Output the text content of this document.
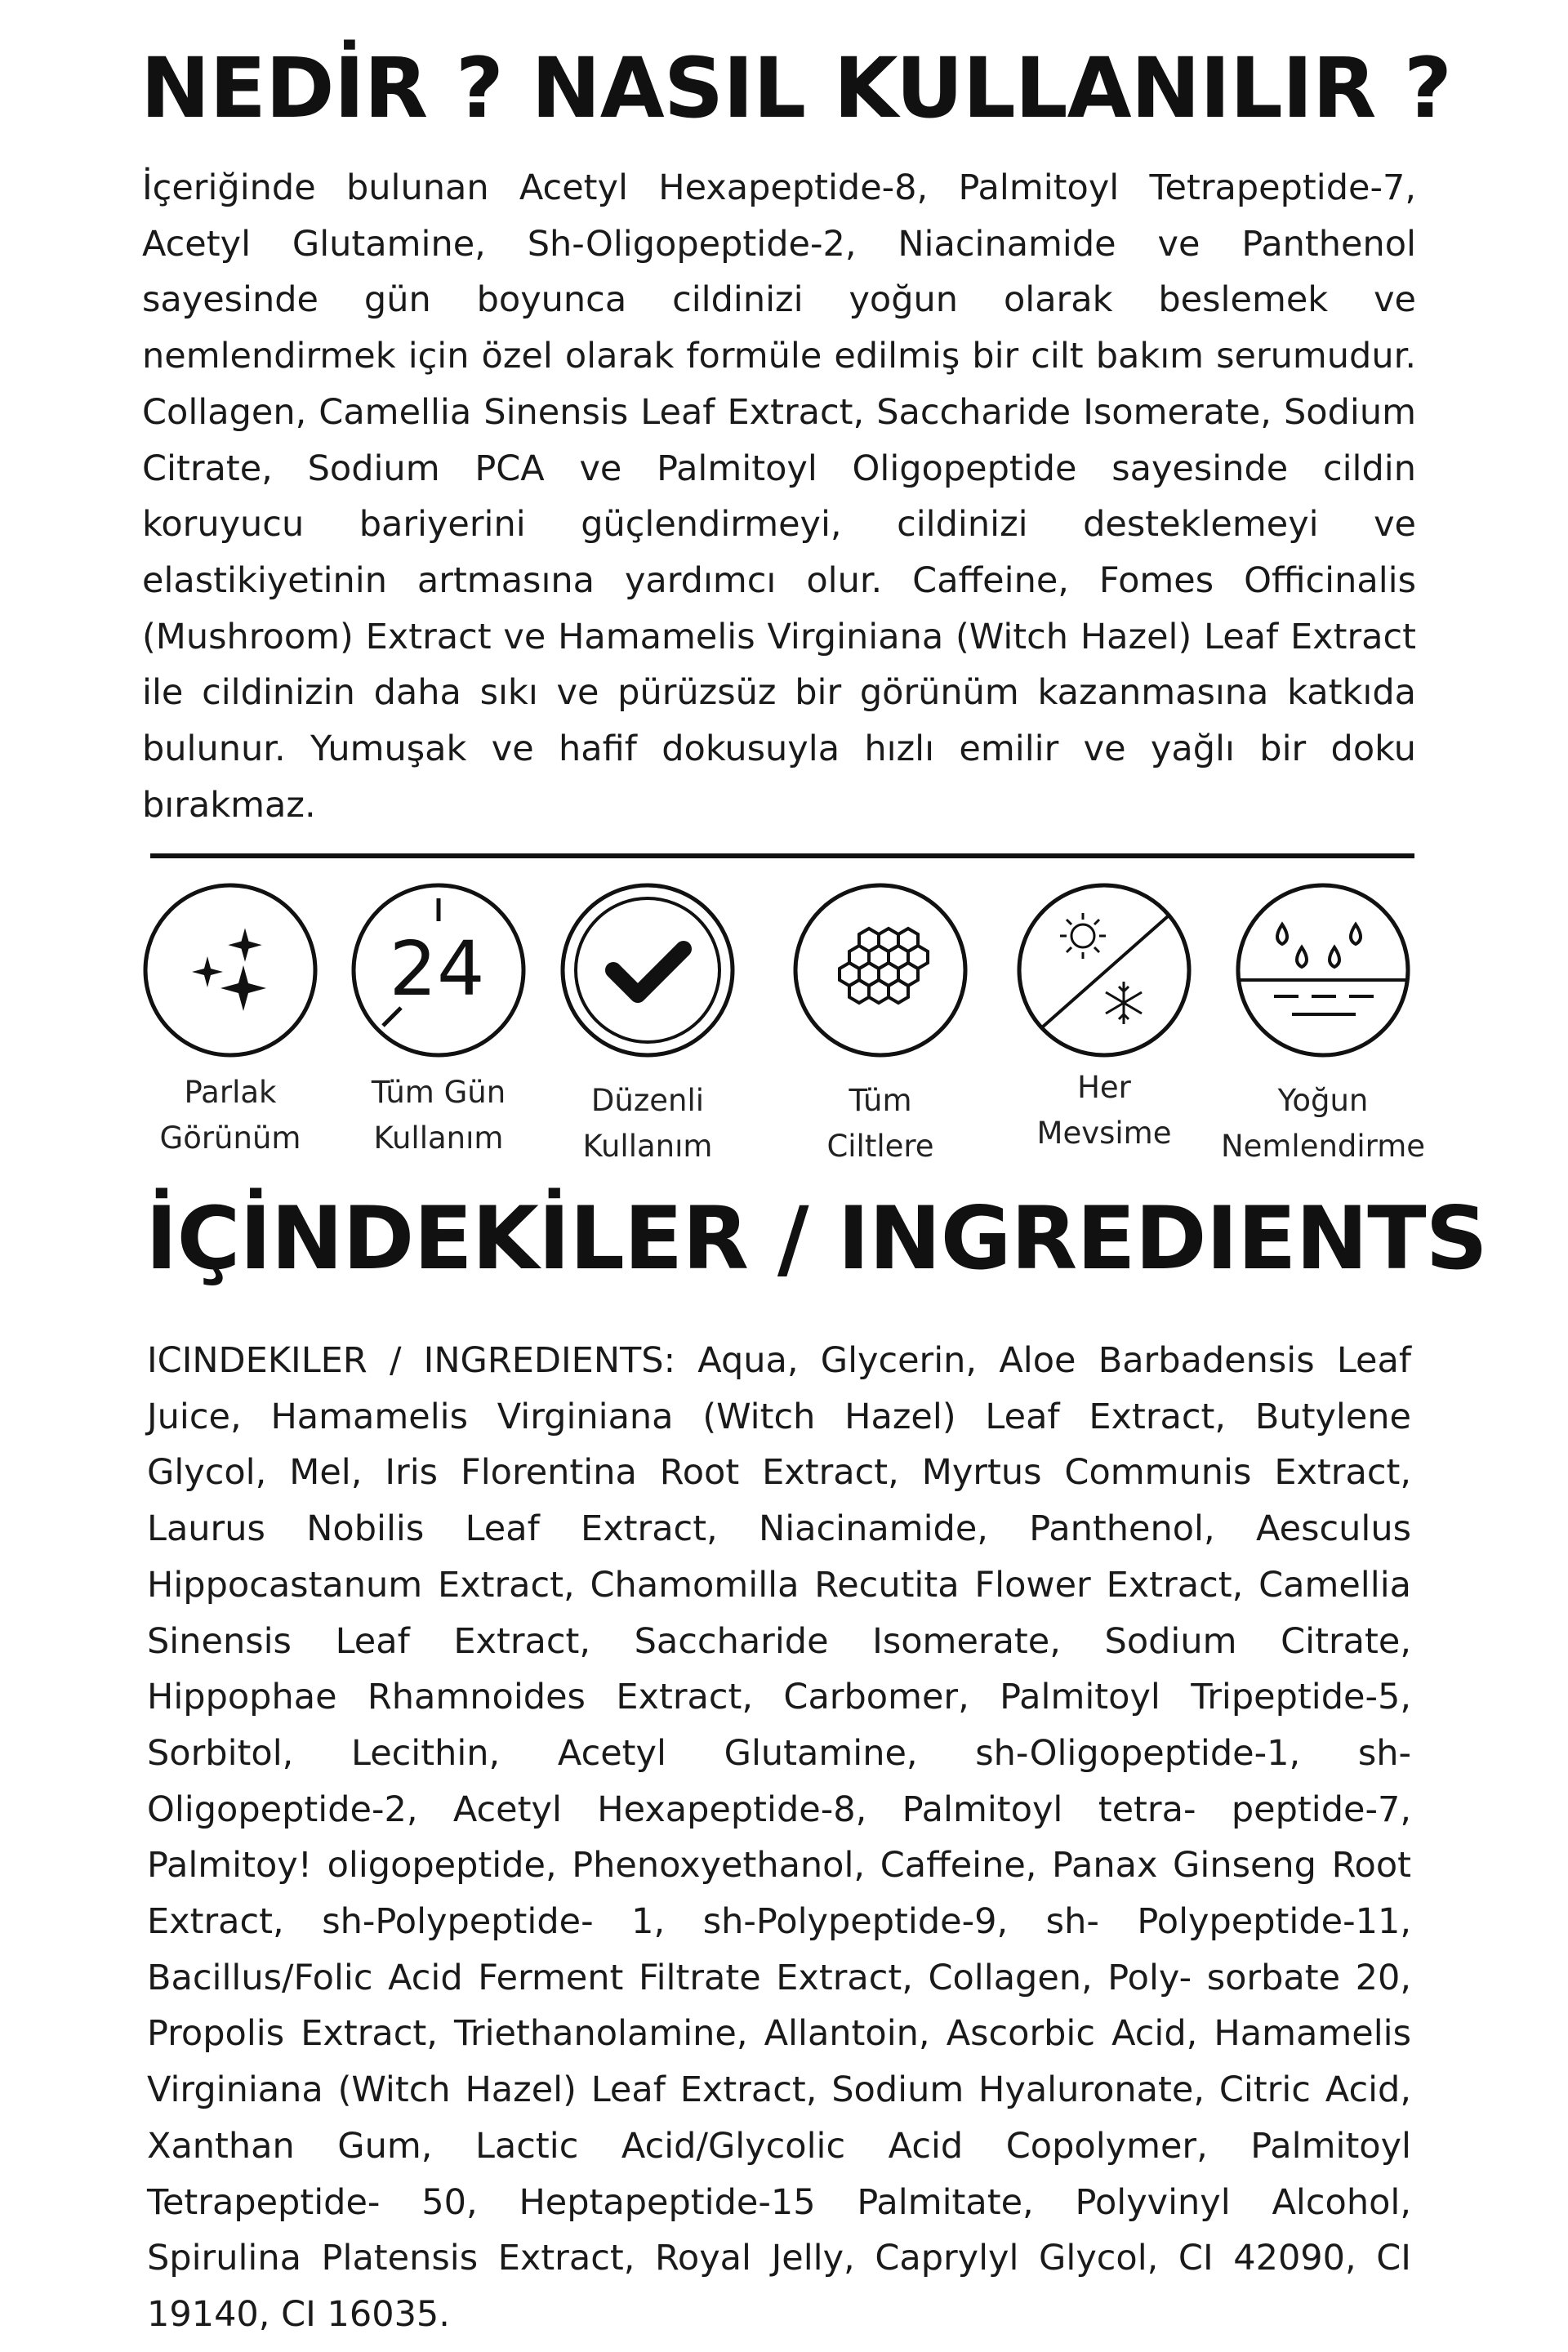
NEDİR ? NASIL KULLANILIR ?

İçeriğinde bulunan Acetyl Hexapeptide-8, Palmitoyl Tetrapeptide-7, Acetyl Glutamine, Sh-Oligopeptide-2, Niacinamide ve Panthenol sayesinde gün boyunca cildinizi yoğun olarak beslemek ve nemlendirmek için özel olarak formüle edilmiş bir cilt bakım serumudur. Collagen, Camellia Sinensis Leaf Extract, Saccharide Isomerate, Sodium Citrate, Sodium PCA ve Palmitoyl Oligopeptide sayesinde cildin koruyucu bariyerini güçlendirmeyi, cildinizi desteklemeyi ve elastikiyetinin artmasına yardımcı olur. Caffeine, Fomes Officinalis (Mushroom) Extract ve Hamamelis Virginiana (Witch Hazel) Leaf Extract ile cildinizin daha sıkı ve pürüzsüz bir görünüm kazanmasına katkıda bulunur. Yumuşak ve hafif dokusuyla hızlı emilir ve yağlı bir doku bırakmaz.

Parlak
Görünüm
24
Tüm Gün
Kullanım
Düzenli
Kullanım
Tüm
Ciltlere
Her
Mevsime
Yoğun
Nemlendirme
İÇİNDEKİLER / INGREDIENTS

ICINDEKILER / INGREDIENTS: Aqua, Glycerin, Aloe Barbadensis Leaf Juice, Hamamelis Virginiana (Witch Hazel) Leaf Extract, Butylene Glycol, Mel, Iris Florentina Root Extract, Myrtus Communis Extract, Laurus Nobilis Leaf Extract, Niacinamide, Panthenol, Aesculus Hippocastanum Extract, Chamomilla Recutita Flower Extract, Camellia Sinensis Leaf Extract, Saccharide Isomerate, Sodium Citrate, Hippophae Rhamnoides Extract, Carbomer, Palmitoyl Tripeptide-5, Sorbitol, Lecithin, Acetyl Glutamine, sh-Oligopeptide-1, sh- Oligopeptide-2, Acetyl Hexapeptide-8, Palmitoyl tetra- peptide-7, Palmitoy! oligopeptide, Phenoxyethanol, Caffeine, Panax Ginseng Root Extract, sh-Polypeptide- 1, sh-Polypeptide-9, sh- Polypeptide-11, Bacillus/Folic Acid Ferment Filtrate Extract, Collagen, Poly- sorbate 20, Propolis Extract, Triethanolamine, Allantoin, Ascorbic Acid, Hamamelis Virginiana (Witch Hazel) Leaf Extract, Sodium Hyaluronate, Citric Acid, Xanthan Gum, Lactic Acid/Glycolic Acid Copolymer, Palmitoyl Tetrapeptide- 50, Heptapeptide-15 Palmitate, Polyvinyl Alcohol, Spirulina Platensis Extract, Royal Jelly, Caprylyl Glycol, CI 42090, CI 19140, CI 16035.
